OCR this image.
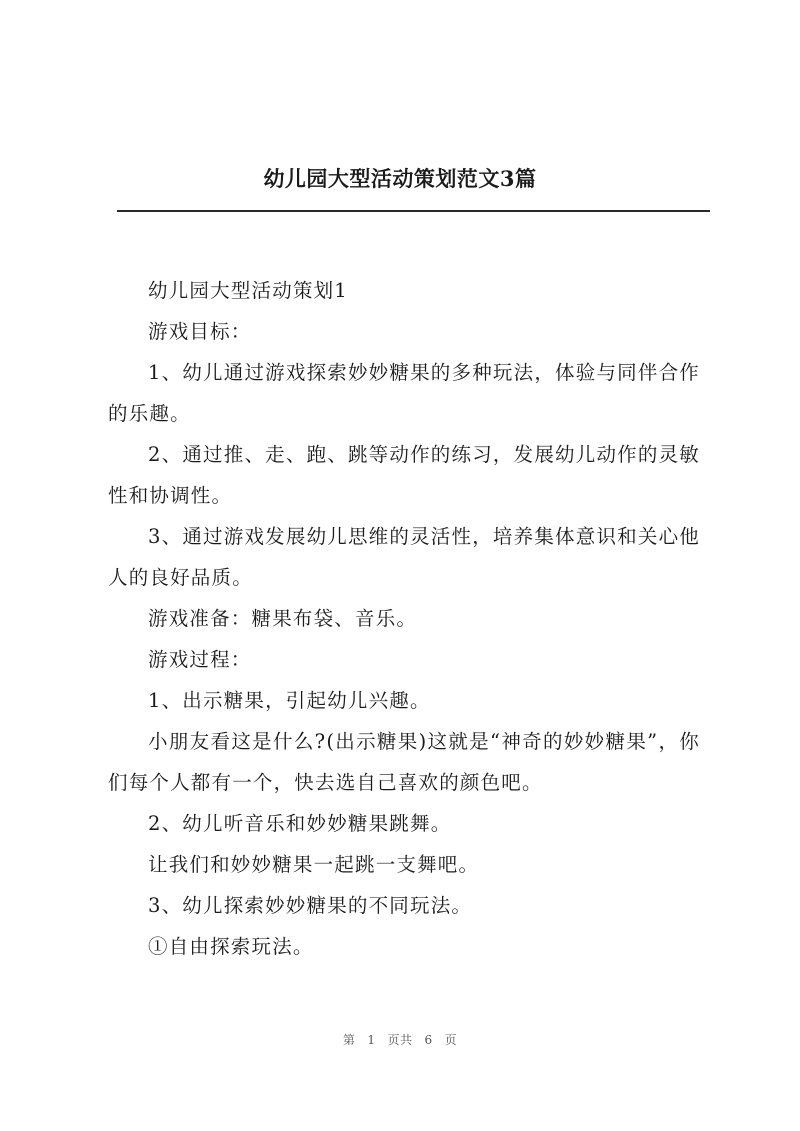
幼儿园大型活动策划范文3篇

幼儿园大型活动策划1

游戏目标：

1、幼儿通过游戏探索妙妙糖果的多种玩法，体验与同伴合作的乐趣。

2、通过推、走、跑、跳等动作的练习，发展幼儿动作的灵敏性和协调性。

3、通过游戏发展幼儿思维的灵活性，培养集体意识和关心他人的良好品质。

游戏准备：糖果布袋、音乐。

游戏过程：

1、出示糖果，引起幼儿兴趣。

小朋友看这是什么?(出示糖果)这就是“神奇的妙妙糖果”，你们每个人都有一个，快去选自己喜欢的颜色吧。

2、幼儿听音乐和妙妙糖果跳舞。

让我们和妙妙糖果一起跳一支舞吧。

3、幼儿探索妙妙糖果的不同玩法。

①自由探索玩法。

第 1 页共 6 页
